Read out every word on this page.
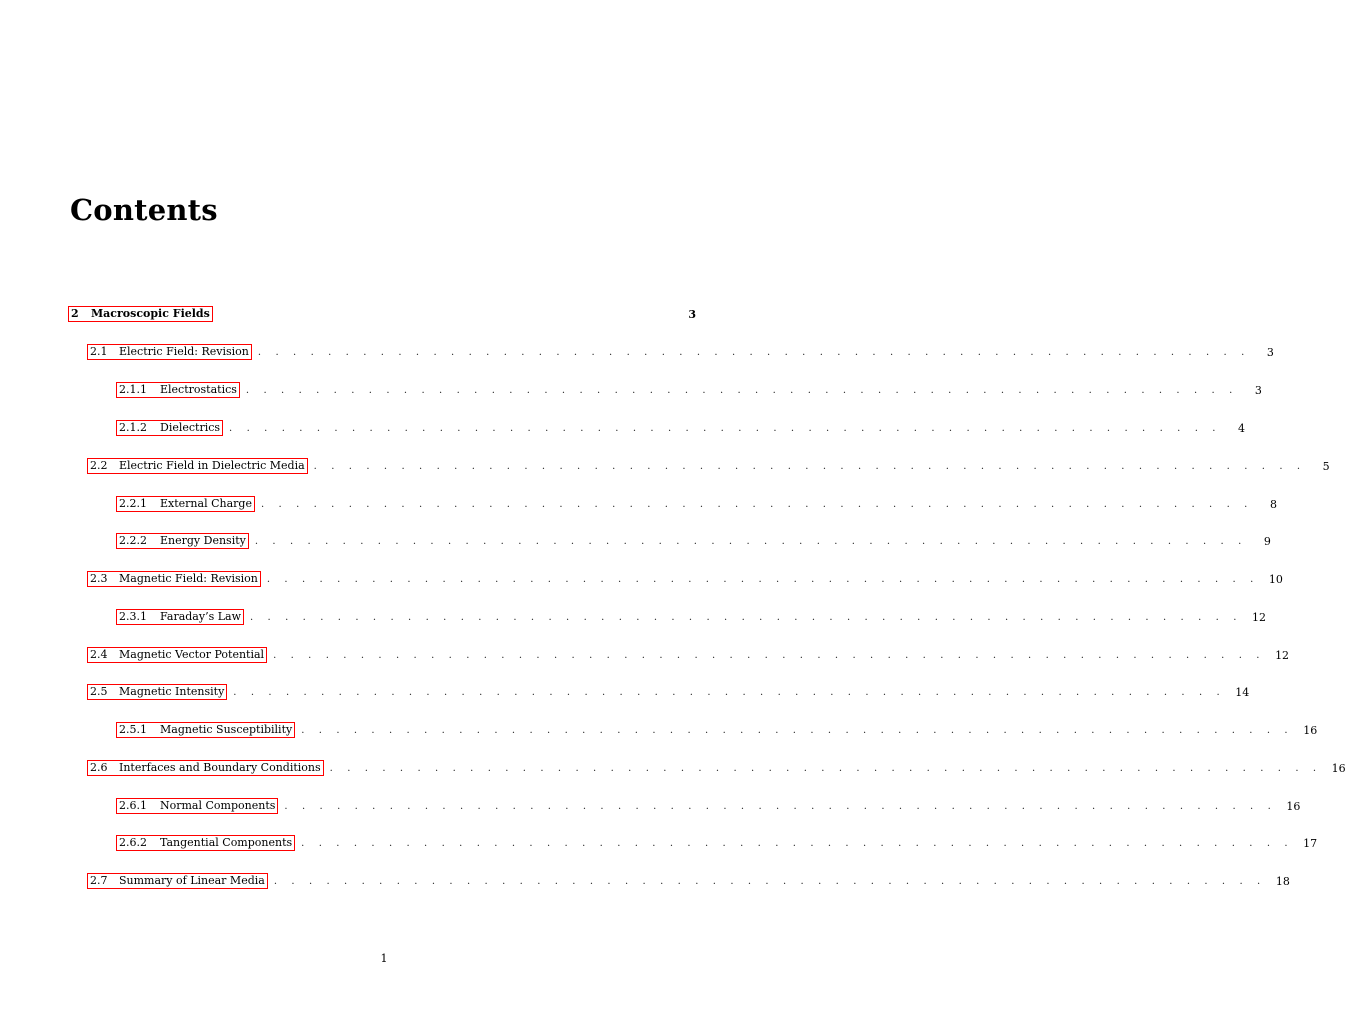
Contents
2	Macroscopic Fields	3
2.1	Electric Field: Revision . . . . . . . . . . . . . . . . . . . . . . . . . . . . . . . . . . . . . . . . . . . . . . . . . . . . . . . . .	3
2.1.1	Electrostatics . . . . . . . . . . . . . . . . . . . . . . . . . . . . . . . . . . . . . . . . . . . . . . . . . . . . . . . . .	3
2.1.2	Dielectrics . . . . . . . . . . . . . . . . . . . . . . . . . . . . . . . . . . . . . . . . . . . . . . . . . . . . . . . . .	4
2.2	Electric Field in Dielectric Media . . . . . . . . . . . . . . . . . . . . . . . . . . . . . . . . . . . . . . . . . . . . . . . . . . . . . . . . .	5
2.2.1	External Charge . . . . . . . . . . . . . . . . . . . . . . . . . . . . . . . . . . . . . . . . . . . . . . . . . . . . . . . . .	8
2.2.2	Energy Density . . . . . . . . . . . . . . . . . . . . . . . . . . . . . . . . . . . . . . . . . . . . . . . . . . . . . . . . .	9
2.3	Magnetic Field: Revision . . . . . . . . . . . . . . . . . . . . . . . . . . . . . . . . . . . . . . . . . . . . . . . . . . . . . . . . . 10
2.3.1	Faraday’s Law . . . . . . . . . . . . . . . . . . . . . . . . . . . . . . . . . . . . . . . . . . . . . . . . . . . . . . . . . 12
2.4	Magnetic Vector Potential . . . . . . . . . . . . . . . . . . . . . . . . . . . . . . . . . . . . . . . . . . . . . . . . . . . . . . . . . 12
2.5	Magnetic Intensity . . . . . . . . . . . . . . . . . . . . . . . . . . . . . . . . . . . . . . . . . . . . . . . . . . . . . . . . . 14
2.5.1	Magnetic Susceptibility . . . . . . . . . . . . . . . . . . . . . . . . . . . . . . . . . . . . . . . . . . . . . . . . . . . . . . . . . 16
2.6	Interfaces and Boundary Conditions . . . . . . . . . . . . . . . . . . . . . . . . . . . . . . . . . . . . . . . . . . . . . . . . . . . . . . . . . 16
2.6.1	Normal Components . . . . . . . . . . . . . . . . . . . . . . . . . . . . . . . . . . . . . . . . . . . . . . . . . . . . . . . . . 16
2.6.2	Tangential Components . . . . . . . . . . . . . . . . . . . . . . . . . . . . . . . . . . . . . . . . . . . . . . . . . . . . . . . . . 17
2.7	Summary of Linear Media . . . . . . . . . . . . . . . . . . . . . . . . . . . . . . . . . . . . . . . . . . . . . . . . . . . . . . . . . 18
1
